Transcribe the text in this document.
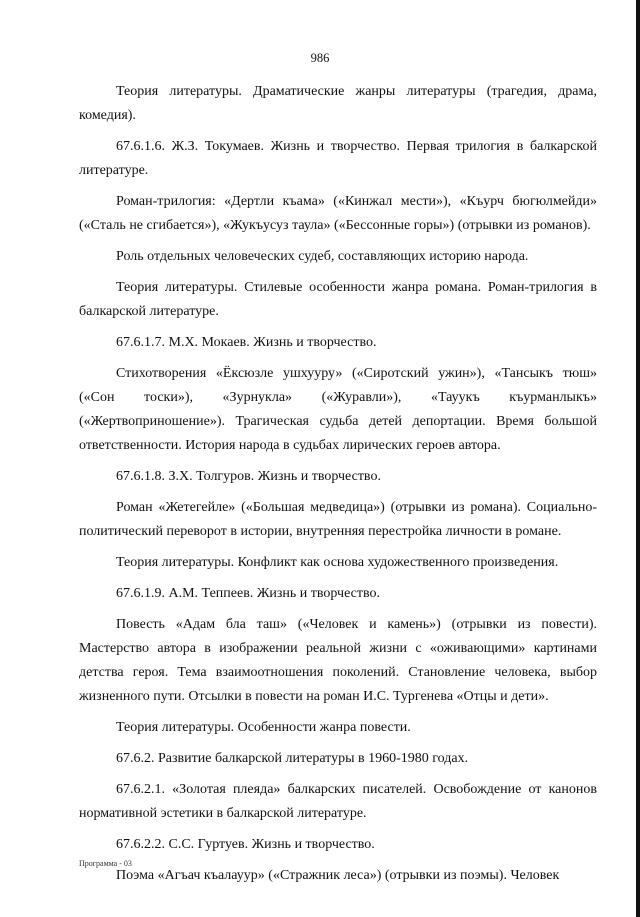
986

Теория литературы. Драматические жанры литературы (трагедия, драма, комедия).

67.6.1.6. Ж.З. Токумаев. Жизнь и творчество. Первая трилогия в балкарской литературе.

Роман-трилогия: «Дертли къама» («Кинжал мести»), «Къурч бюгюлмейди» («Сталь не сгибается»), «Жукъусуз таула» («Бессонные горы») (отрывки из романов).

Роль отдельных человеческих судеб, составляющих историю народа.

Теория литературы. Стилевые особенности жанра романа. Роман-трилогия в балкарской литературе.

67.6.1.7. М.Х. Мокаев. Жизнь и творчество.

Стихотворения «Ёксюзле ушхууру» («Сиротский ужин»), «Тансыкъ тюш» («Сон тоски»), «Зурнукла» («Журавли»), «Тауукъ къурманлыкъ» («Жертвоприношение»). Трагическая судьба детей депортации. Время большой ответственности. История народа в судьбах лирических героев автора.

67.6.1.8. З.Х. Толгуров. Жизнь и творчество.

Роман «Жетегейле» («Большая медведица») (отрывки из романа). Социально-политический переворот в истории, внутренняя перестройка личности в романе.

Теория литературы. Конфликт как основа художественного произведения.

67.6.1.9. А.М. Теппеев. Жизнь и творчество.

Повесть «Адам бла таш» («Человек и камень») (отрывки из повести). Мастерство автора в изображении реальной жизни с «оживающими» картинами детства героя. Тема взаимоотношения поколений. Становление человека, выбор жизненного пути. Отсылки в повести на роман И.С. Тургенева «Отцы и дети».

Теория литературы. Особенности жанра повести.

67.6.2. Развитие балкарской литературы в 1960-1980 годах.

67.6.2.1. «Золотая плеяда» балкарских писателей. Освобождение от канонов нормативной эстетики в балкарской литературе.

67.6.2.2. С.С. Гуртуев. Жизнь и творчество.

Поэма «Агъач къалауур» («Стражник леса») (отрывки из поэмы). Человек

Программа - 03
